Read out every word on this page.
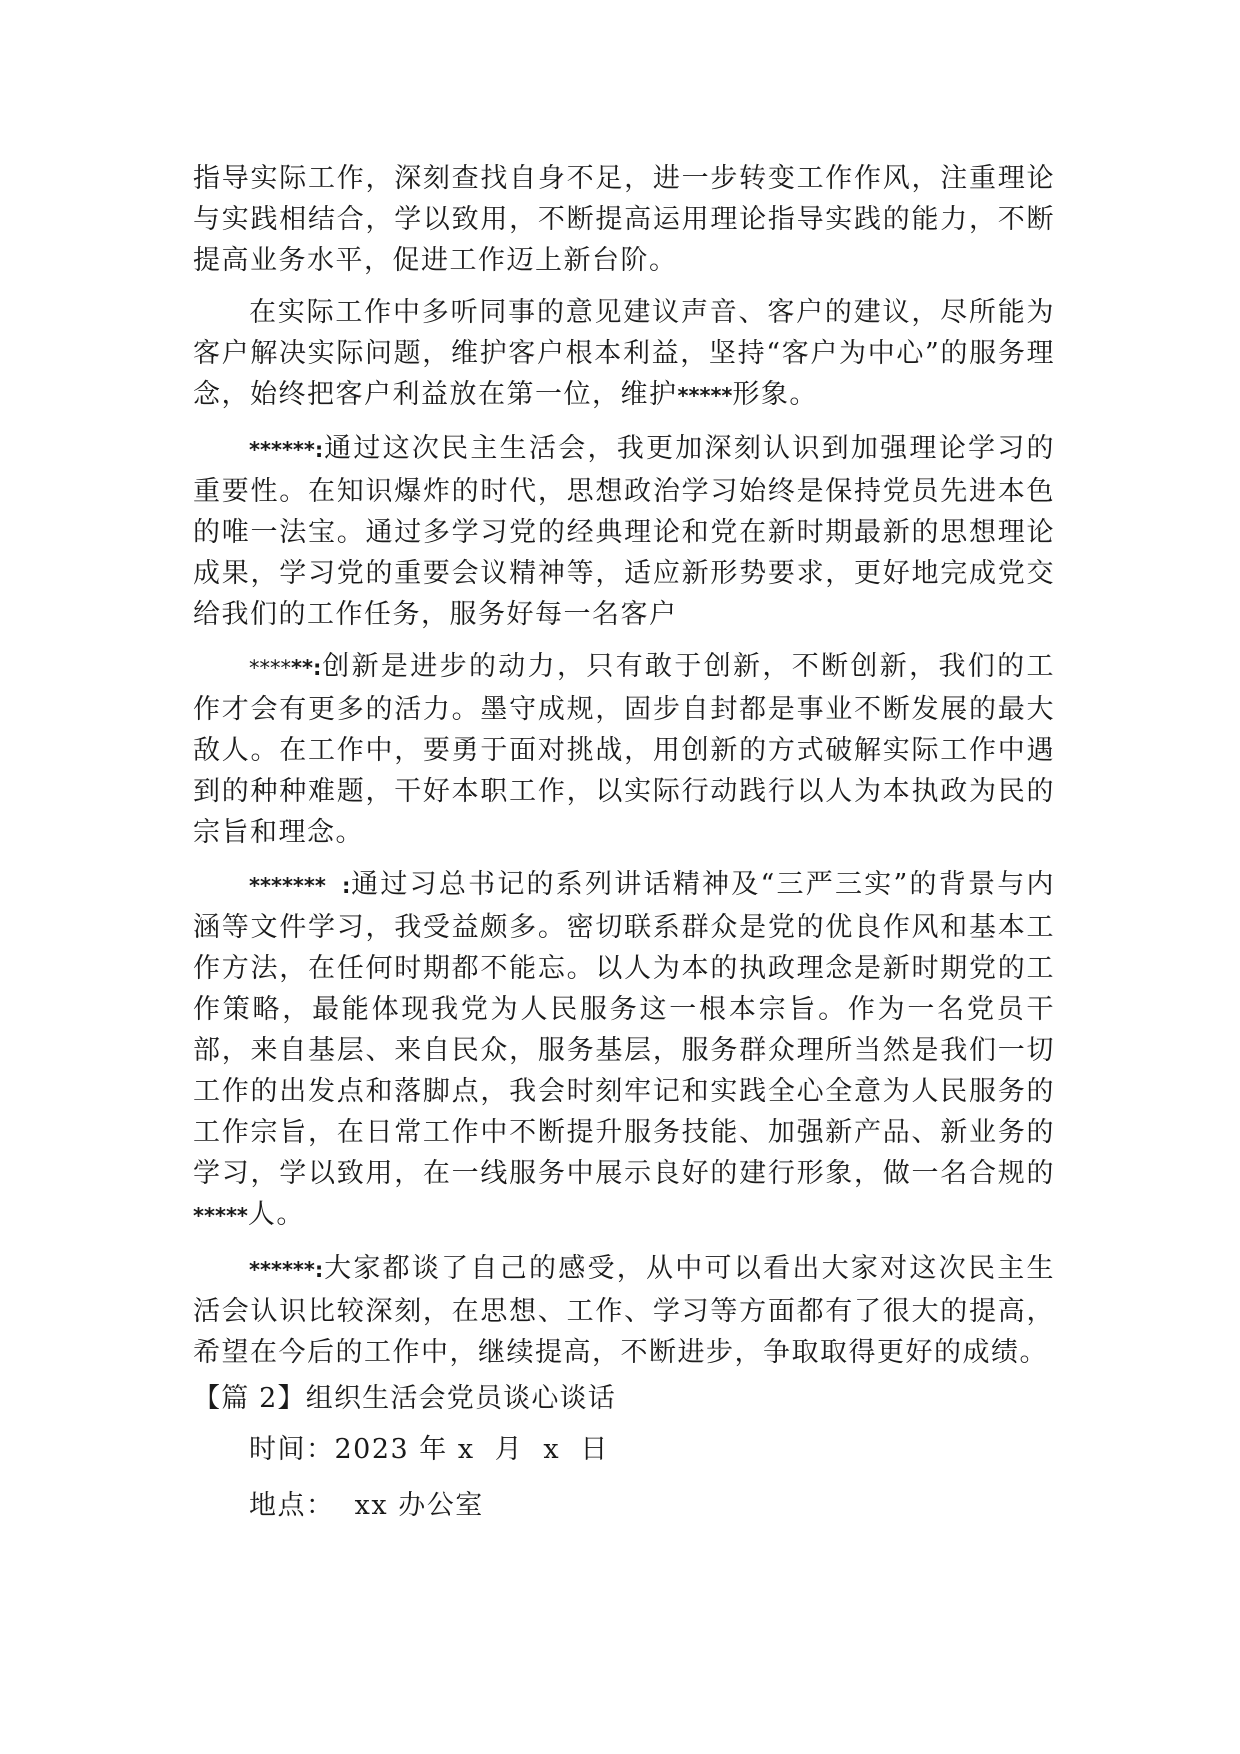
指导实际工作，深刻查找自身不足，进一步转变工作作风，注重理论与实践相结合，学以致用，不断提高运用理论指导实践的能力，不断提高业务水平，促进工作迈上新台阶。

在实际工作中多听同事的意见建议声音、客户的建议，尽所能为客户解决实际问题，维护客户根本利益，坚持“客户为中心”的服务理念，始终把客户利益放在第一位，维护*****形象。

******:通过这次民主生活会，我更加深刻认识到加强理论学习的重要性。在知识爆炸的时代，思想政治学习始终是保持党员先进本色的唯一法宝。通过多学习党的经典理论和党在新时期最新的思想理论成果，学习党的重要会议精神等，适应新形势要求，更好地完成党交给我们的工作任务，服务好每一名客户

******:创新是进步的动力，只有敢于创新，不断创新，我们的工作才会有更多的活力。墨守成规，固步自封都是事业不断发展的最大敌人。在工作中，要勇于面对挑战，用创新的方式破解实际工作中遇到的种种难题，干好本职工作，以实际行动践行以人为本执政为民的宗旨和理念。

*******  :通过习总书记的系列讲话精神及“三严三实”的背景与内涵等文件学习，我受益颇多。密切联系群众是党的优良作风和基本工作方法，在任何时期都不能忘。以人为本的执政理念是新时期党的工作策略，最能体现我党为人民服务这一根本宗旨。作为一名党员干部，来自基层、来自民众，服务基层，服务群众理所当然是我们一切工作的出发点和落脚点，我会时刻牢记和实践全心全意为人民服务的工作宗旨，在日常工作中不断提升服务技能、加强新产品、新业务的学习，学以致用，在一线服务中展示良好的建行形象，做一名合规的*****人。

******:大家都谈了自己的感受，从中可以看出大家对这次民主生活会认识比较深刻，在思想、工作、学习等方面都有了很大的提高，希望在今后的工作中，继续提高，不断进步，争取取得更好的成绩。

【篇 2】组织生活会党员谈心谈话
时间：2023 年 x  月  x  日
地点：  xx 办公室
